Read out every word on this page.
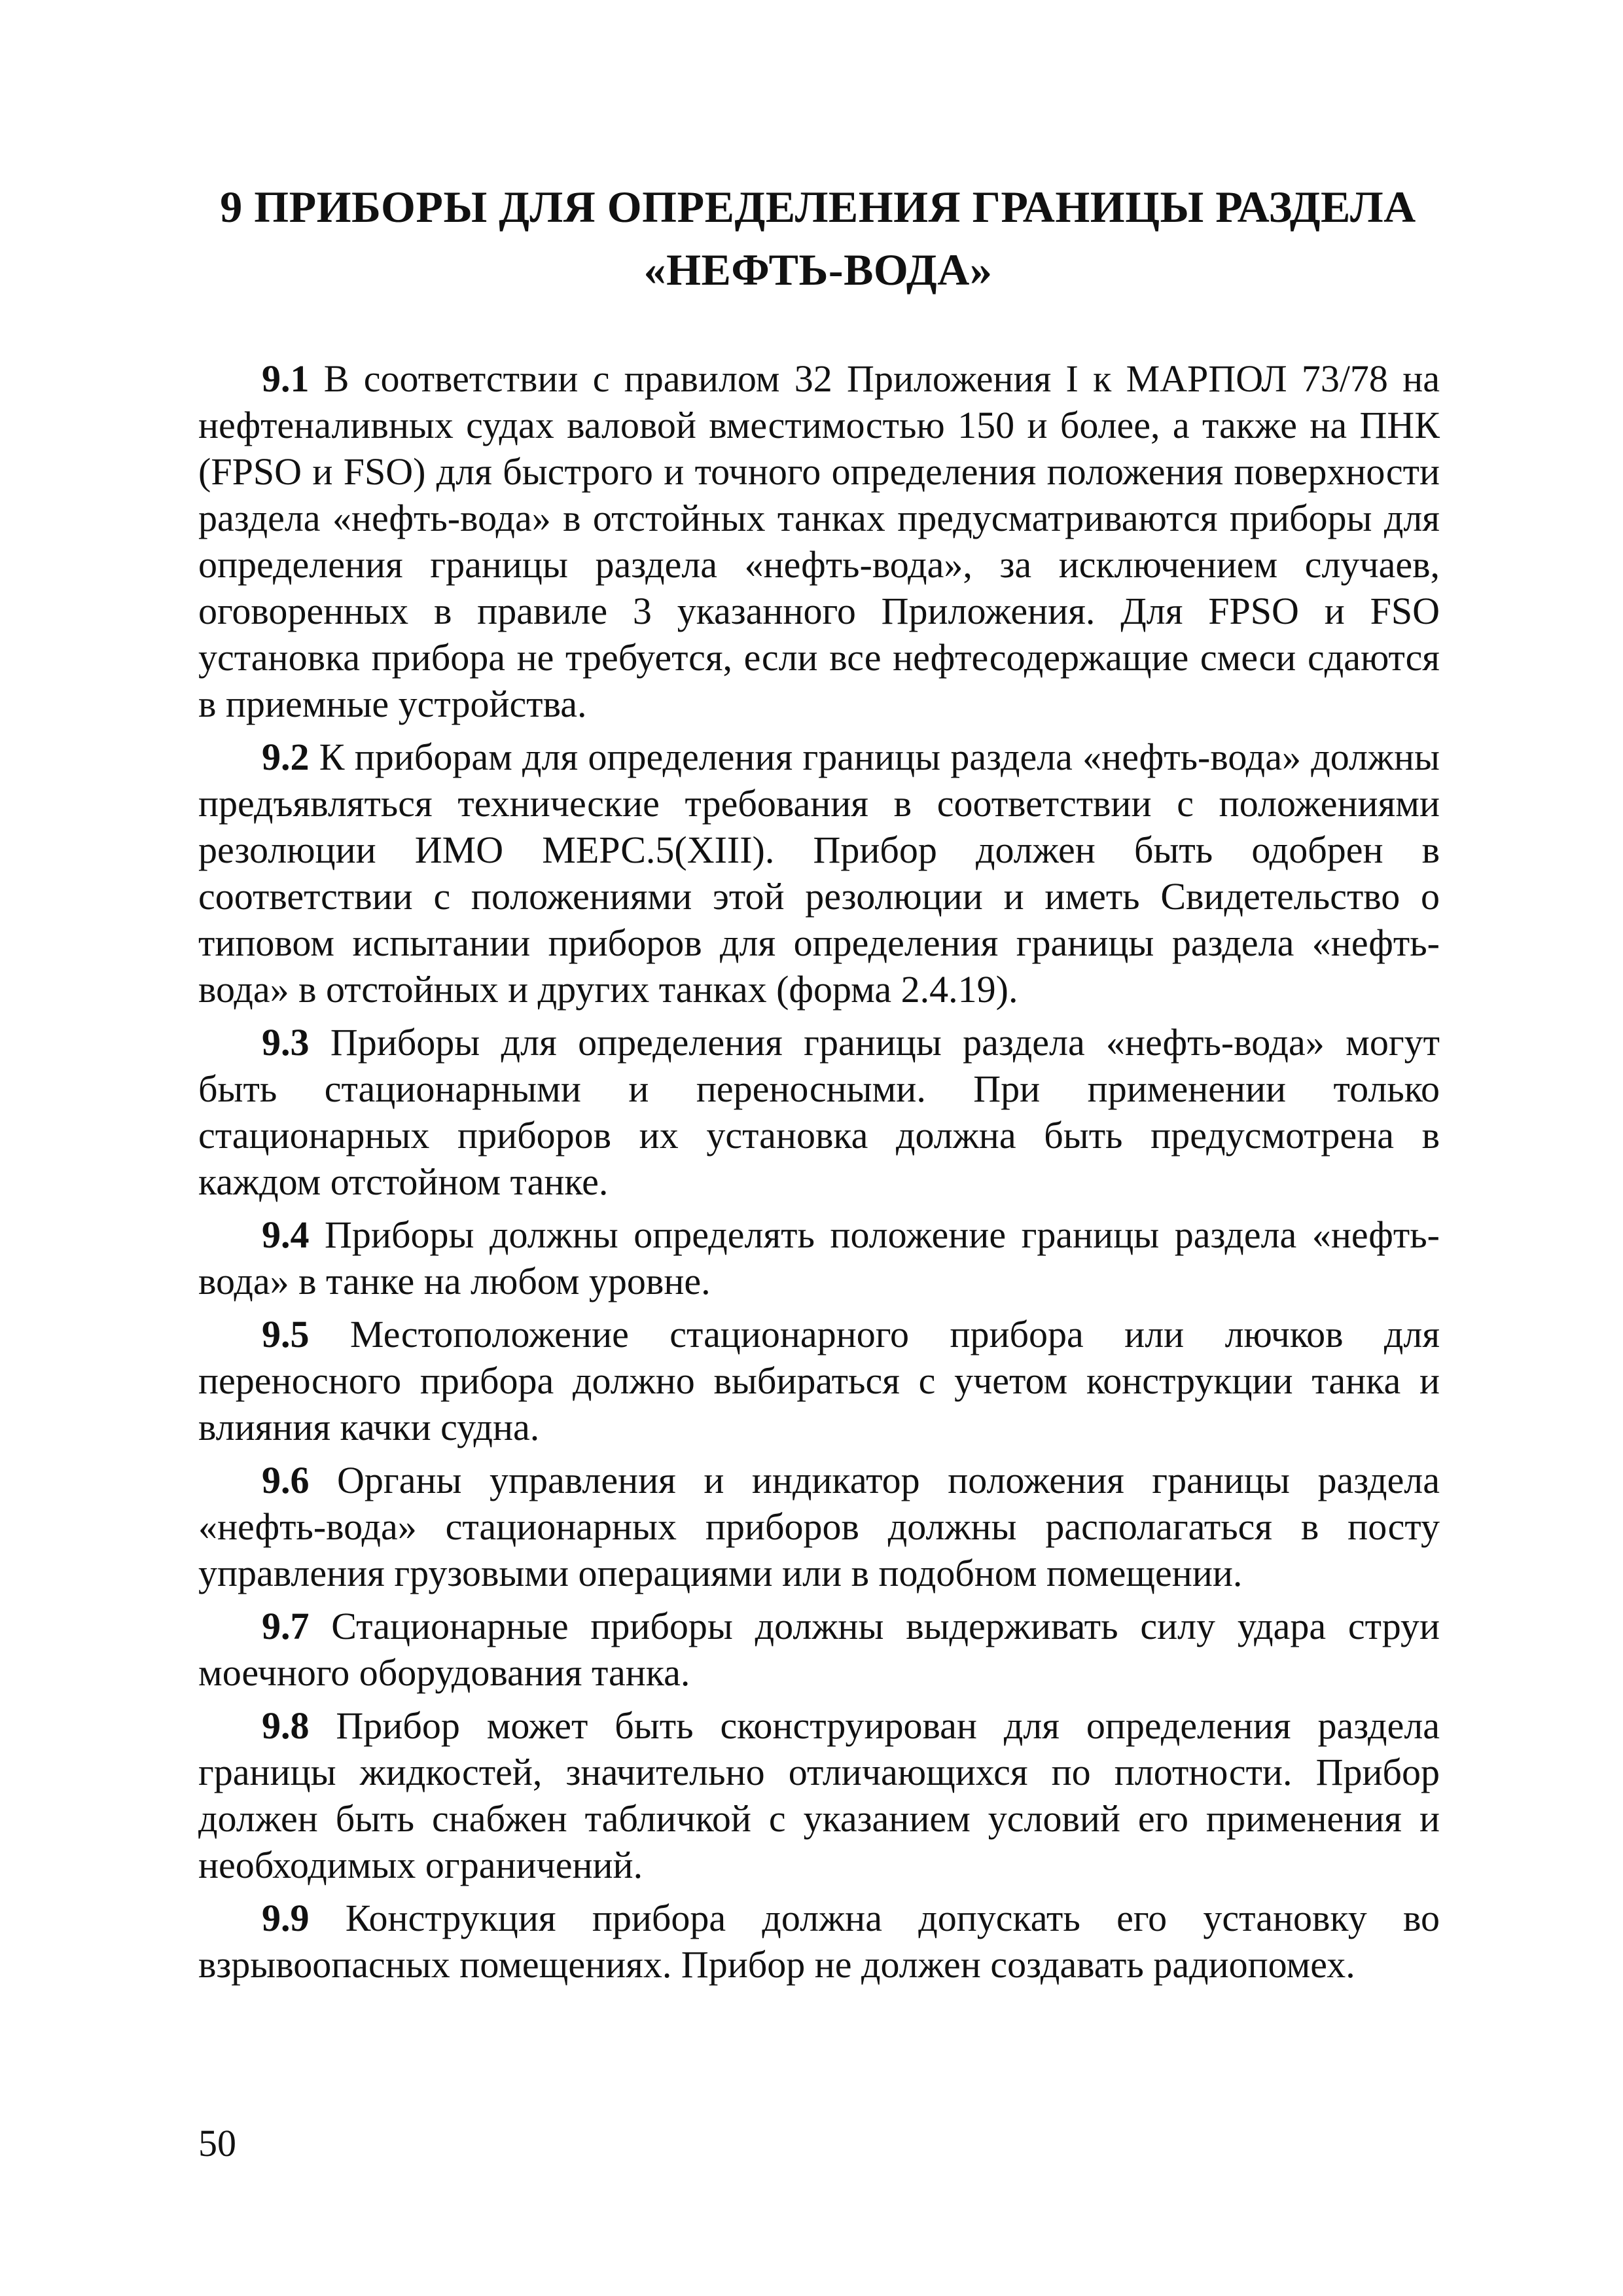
9 ПРИБОРЫ ДЛЯ ОПРЕДЕЛЕНИЯ ГРАНИЦЫ РАЗДЕЛА
«НЕФТЬ-ВОДА»

9.1 В соответствии с правилом 32 Приложения I к МАРПОЛ 73/78 на нефтеналивных судах валовой вместимостью 150 и более, а также на ПНК (FPSO и FSO) для быстрого и точного определения положения поверхности раздела «нефть-вода» в отстойных танках предусматриваются приборы для определения границы раздела «нефть-вода», за исключением случаев, оговоренных в правиле 3 указанного Приложения. Для FPSO и FSO установка прибора не требуется, если все нефтесодержащие смеси сдаются в приемные устройства.

9.2 К приборам для определения границы раздела «нефть-вода» должны предъявляться технические требования в соответствии с положениями резолюции ИМО МЕРС.5(XIII). Прибор должен быть одобрен в соответствии с положениями этой резолюции и иметь Свидетельство о типовом испытании приборов для определения границы раздела «нефть-вода» в отстойных и других танках (форма 2.4.19).

9.3 Приборы для определения границы раздела «нефть-вода» могут быть стационарными и переносными. При применении только стационарных приборов их установка должна быть предусмотрена в каждом отстойном танке.

9.4 Приборы должны определять положение границы раздела «нефть-вода» в танке на любом уровне.

9.5 Местоположение стационарного прибора или лючков для переносного прибора должно выбираться с учетом конструкции танка и влияния качки судна.

9.6 Органы управления и индикатор положения границы раздела «нефть-вода» стационарных приборов должны располагаться в посту управления грузовыми операциями или в подобном помещении.

9.7 Стационарные приборы должны выдерживать силу удара струи моечного оборудования танка.

9.8 Прибор может быть сконструирован для определения раздела границы жидкостей, значительно отличающихся по плотности. Прибор должен быть снабжен табличкой с указанием условий его применения и необходимых ограничений.

9.9 Конструкция прибора должна допускать его установку во взрывоопасных помещениях. Прибор не должен создавать радиопомех.

50
